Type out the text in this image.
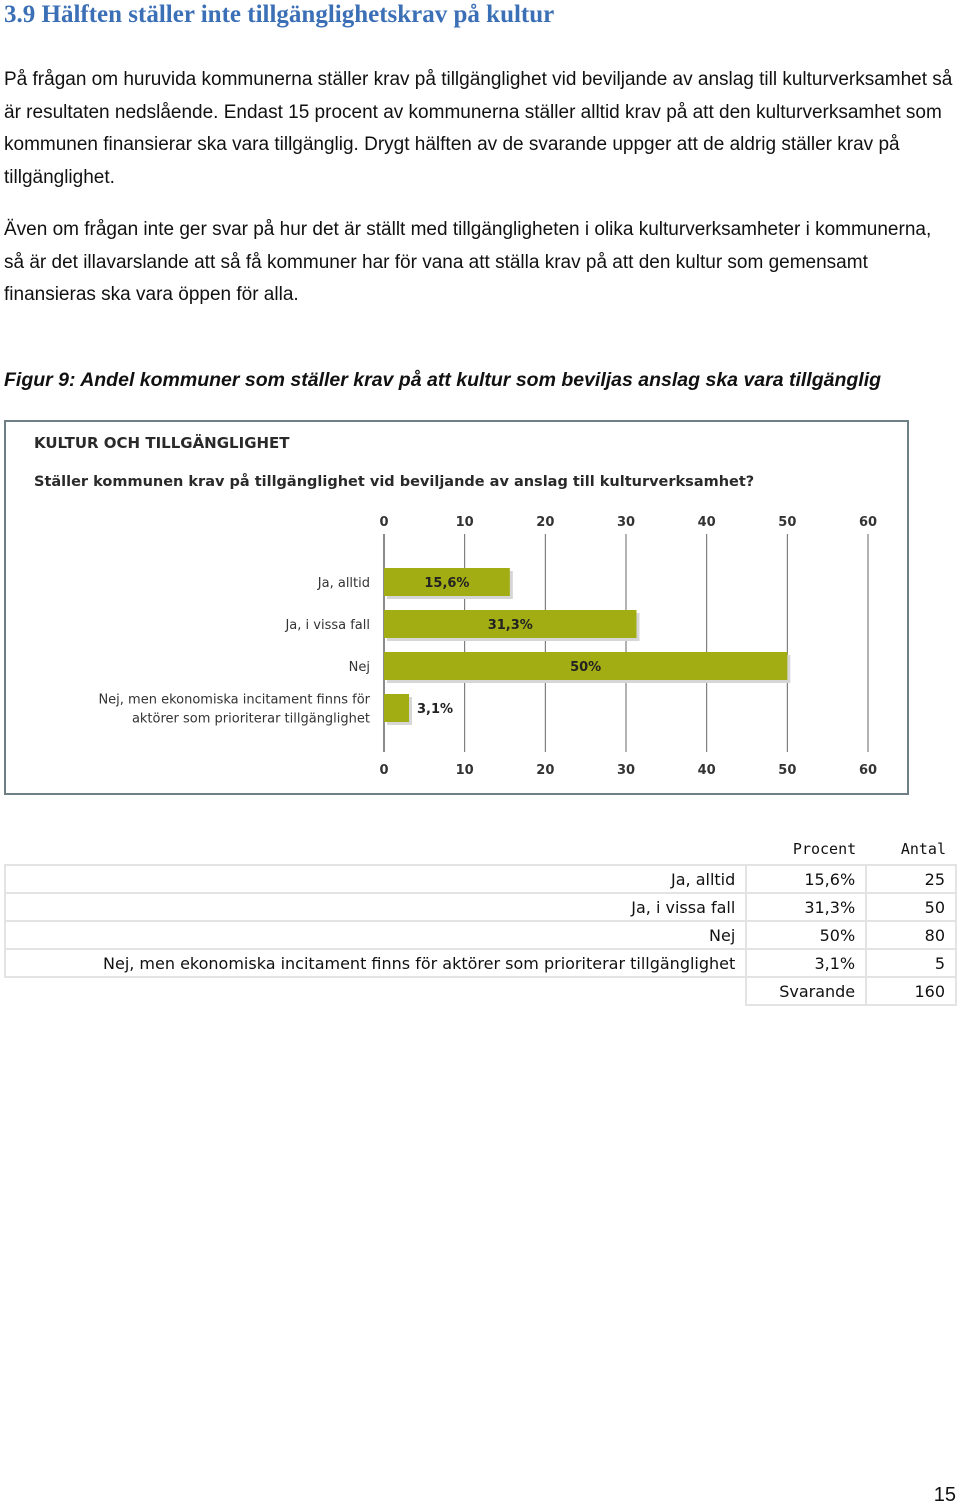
3.9 Hälften ställer inte tillgänglighetskrav på kultur

På frågan om huruvida kommunerna ställer krav på tillgänglighet vid beviljande av anslag till kulturverksamhet så är resultaten nedslående. Endast 15 procent av kommunerna ställer alltid krav på att den kulturverksamhet som kommunen finansierar ska vara tillgänglig. Drygt hälften av de svarande uppger att de aldrig ställer krav på tillgänglighet.

Även om frågan inte ger svar på hur det är ställt med tillgängligheten i olika kulturverksamheter i kommunerna, så är det illavarslande att så få kommuner har för vana att ställa krav på att den kultur som gemensamt finansieras ska vara öppen för alla.

Figur 9: Andel kommuner som ställer krav på att kultur som beviljas anslag ska vara tillgänglig

KULTUR OCH TILLGÄNGLIGHET
Ställer kommunen krav på tillgänglighet vid beviljande av anslag till kulturverksamhet?
0
0
10
10
20
20
30
30
40
40
50
50
60
60
Ja, alltid
Ja, i vissa fall
Nej
Nej, men ekonomiska incitament finns för aktörer som prioriterar tillgänglighet
15,6%
31,3%
50%
3,1%
	Procent	Antal
Ja, alltid	15,6%	25
Ja, i vissa fall	31,3%	50
Nej	50%	80
Nej, men ekonomiska incitament finns för aktörer som prioriterar tillgänglighet	3,1%	5
	Svarande	160

15
